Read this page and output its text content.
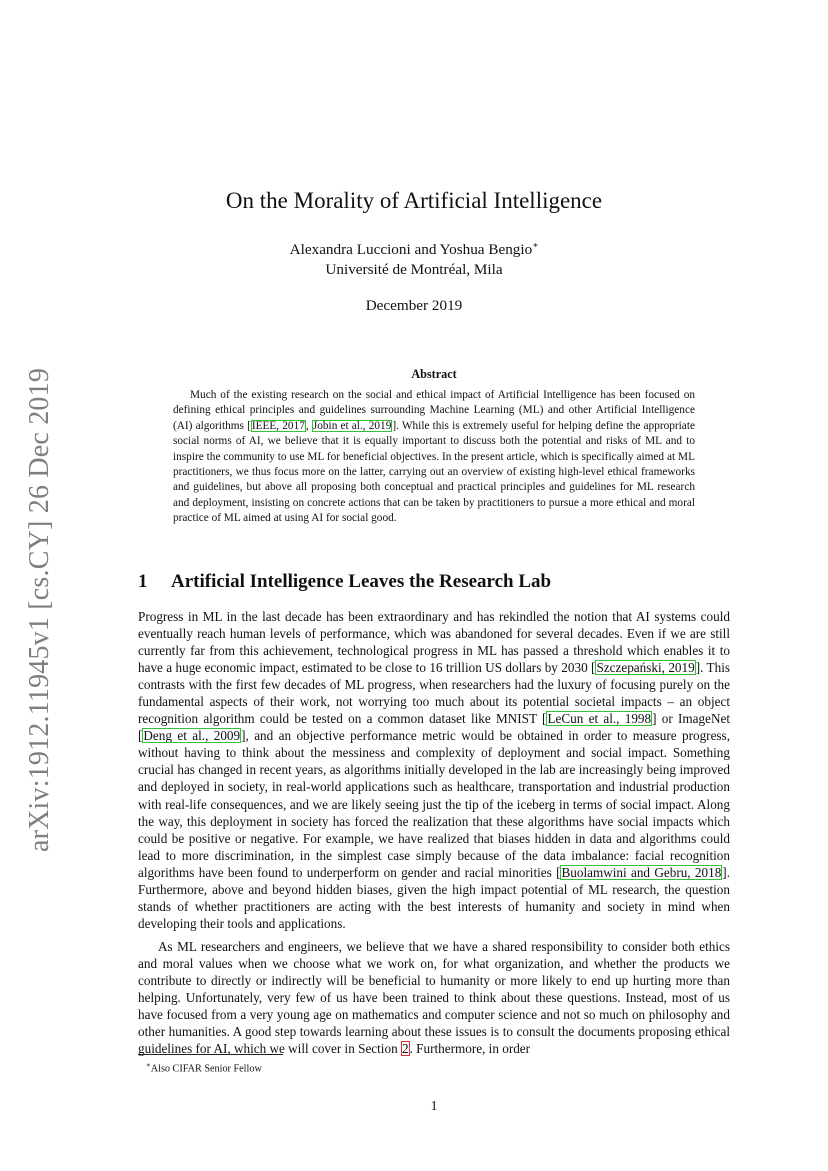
arXiv:1912.11945v1 [cs.CY] 26 Dec 2019
On the Morality of Artificial Intelligence
Alexandra Luccioni and Yoshua Bengio∗
Université de Montréal, Mila
December 2019
Abstract
Much of the existing research on the social and ethical impact of Artificial Intelligence has been focused on defining ethical principles and guidelines surrounding Machine Learning (ML) and other Artificial Intelligence (AI) algorithms [IEEE, 2017, Jobin et al., 2019]. While this is extremely useful for helping define the appropriate social norms of AI, we believe that it is equally important to discuss both the potential and risks of ML and to inspire the community to use ML for beneficial objectives. In the present article, which is specifically aimed at ML practitioners, we thus focus more on the latter, carrying out an overview of existing high-level ethical frameworks and guidelines, but above all proposing both conceptual and practical principles and guidelines for ML research and deployment, insisting on concrete actions that can be taken by practitioners to pursue a more ethical and moral practice of ML aimed at using AI for social good.
1 Artificial Intelligence Leaves the Research Lab

Progress in ML in the last decade has been extraordinary and has rekindled the notion that AI systems could eventually reach human levels of performance, which was abandoned for several decades. Even if we are still currently far from this achievement, technological progress in ML has passed a threshold which enables it to have a huge economic impact, estimated to be close to 16 trillion US dollars by 2030 [Szczepański, 2019]. This contrasts with the first few decades of ML progress, when researchers had the luxury of focusing purely on the fundamental aspects of their work, not worrying too much about its potential societal impacts – an object recognition algorithm could be tested on a common dataset like MNIST [LeCun et al., 1998] or ImageNet [Deng et al., 2009], and an objective performance metric would be obtained in order to measure progress, without having to think about the messiness and complexity of deployment and social impact. Something crucial has changed in recent years, as algorithms initially developed in the lab are increasingly being improved and deployed in society, in real-world applications such as healthcare, transportation and industrial production with real-life consequences, and we are likely seeing just the tip of the iceberg in terms of social impact. Along the way, this deployment in society has forced the realization that these algorithms have social impacts which could be positive or negative. For example, we have realized that biases hidden in data and algorithms could lead to more discrimination, in the simplest case simply because of the data imbalance: facial recognition algorithms have been found to underperform on gender and racial minorities [Buolamwini and Gebru, 2018]. Furthermore, above and beyond hidden biases, given the high impact potential of ML research, the question stands of whether practitioners are acting with the best interests of humanity and society in mind when developing their tools and applications.

As ML researchers and engineers, we believe that we have a shared responsibility to consider both ethics and moral values when we choose what we work on, for what organization, and whether the products we contribute to directly or indirectly will be beneficial to humanity or more likely to end up hurting more than helping. Unfortunately, very few of us have been trained to think about these questions. Instead, most of us have focused from a very young age on mathematics and computer science and not so much on philosophy and other humanities. A good step towards learning about these issues is to consult the documents proposing ethical guidelines for AI, which we will cover in Section 2. Furthermore, in order

∗Also CIFAR Senior Fellow
1
